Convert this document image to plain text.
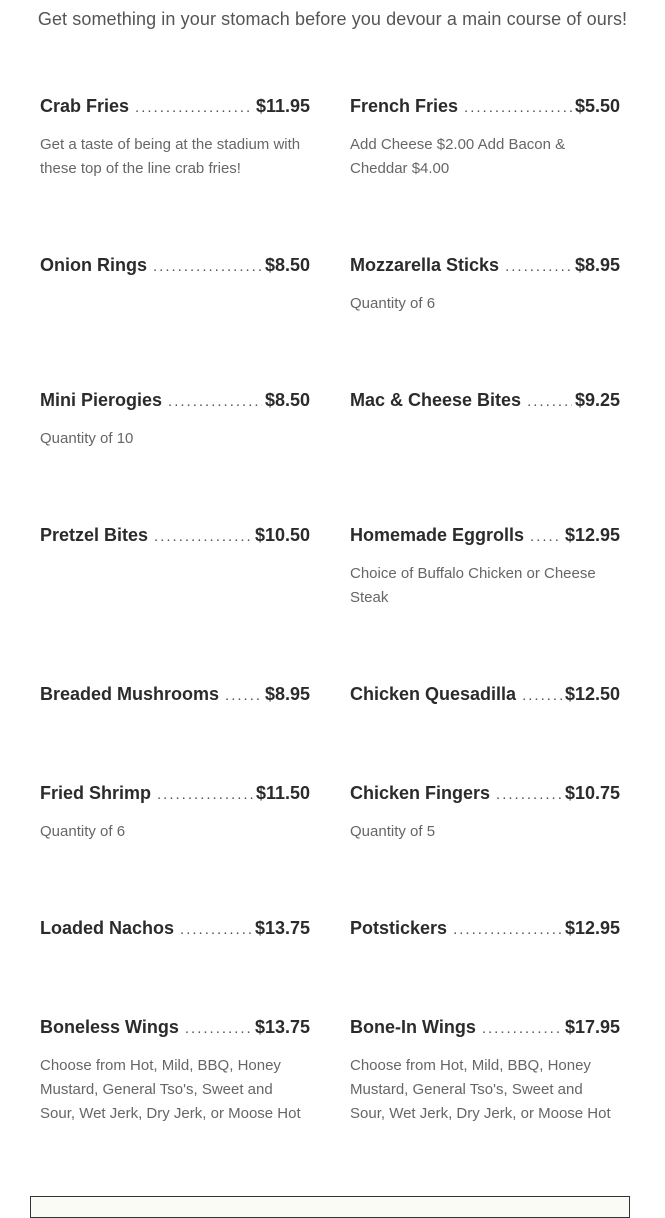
Get something in your stomach before you devour a main course of ours!
Crab Fries .....	$11.95
Get a taste of being at the stadium with these top of the line crab fries!
French Fries .....	$5.50
Add Cheese $2.00 Add Bacon & Cheddar $4.00
Onion Rings .....	$8.50 Mozzarella Sticks .....	$8.95
Quantity of 6
Mini Pierogies .....	$8.50
Quantity of 10
Mac & Cheese Bites .....	$9.25
Pretzel Bites .....	$10.50 Homemade Eggrolls ..... $12.95
Choice of Buffalo Chicken or Cheese Steak
Breaded Mushrooms .....	$8.95 Chicken Quesadilla .....	$12.50
Fried Shrimp .....	$11.50
Quantity of 6
Chicken Fingers .....	$10.75
Quantity of 5
Loaded Nachos .....	$13.75 Potstickers .....	$12.95
Boneless Wings .....	$13.75
Choose from Hot, Mild, BBQ, Honey Mustard, General Tso's, Sweet and Sour, Wet Jerk, Dry Jerk, or Moose Hot
Bone-In Wings .....	$17.95
Choose from Hot, Mild, BBQ, Honey Mustard, General Tso's, Sweet and Sour, Wet Jerk, Dry Jerk, or Moose Hot
